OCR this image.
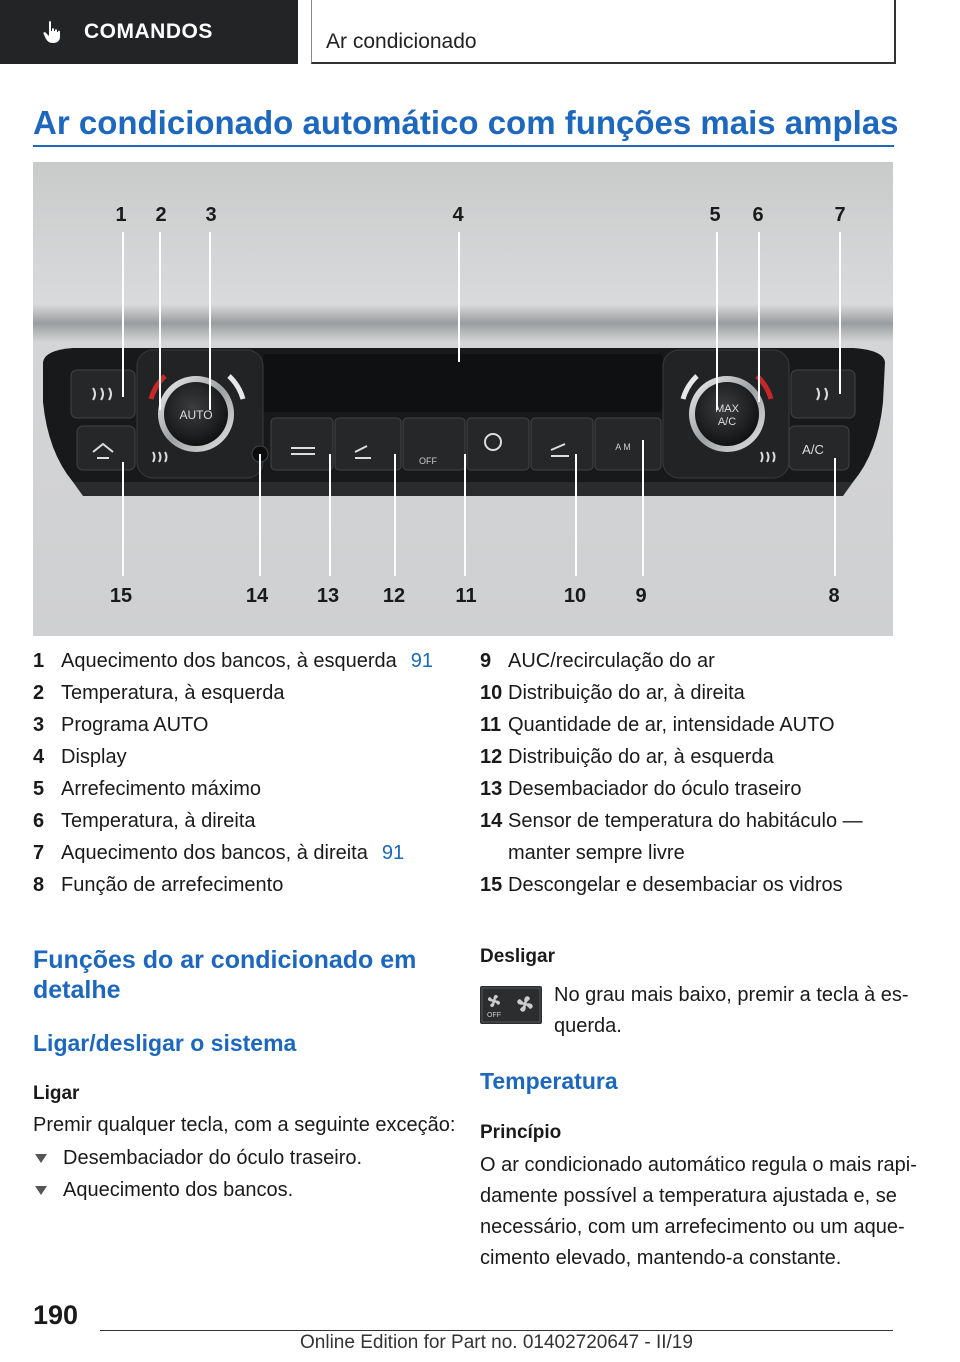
COMANDOS	Ar condicionado
Ar condicionado automático com funções mais amplas
AUTO	MAX
A/C
A/C
OFF
A M
1 2 3	4	5 6	7
15	14 13 12	11	10 9	8
1 Aquecimento dos bancos, à esquerda 91
2 Temperatura, à esquerda
3 Programa AUTO
4 Display
5 Arrefecimento máximo
6 Temperatura, à direita
7 Aquecimento dos bancos, à direita 91
8 Função de arrefecimento
9 AUC/recirculação do ar
10 Distribuição do ar, à direita
11 Quantidade de ar, intensidade AUTO
12 Distribuição do ar, à esquerda
13 Desembaciador do óculo traseiro
14 Sensor de temperatura do habitáculo —
manter sempre livre
15 Descongelar e desembaciar os vidros
Funções do ar condicionado em
detalhe
Ligar/desligar o sistema
Ligar
Premir qualquer tecla, com a seguinte exceção:
Desembaciador do óculo traseiro.
Aquecimento dos bancos.
Desligar
OFF
No grau mais baixo, premir a tecla à es‐
querda.
Temperatura
Princípio
O ar condicionado automático regula o mais rapi‐
damente possível a temperatura ajustada e, se
necessário, com um arrefecimento ou um aque‐
cimento elevado, mantendo-a constante.
190
Online Edition for Part no. 01402720647 - II/19
